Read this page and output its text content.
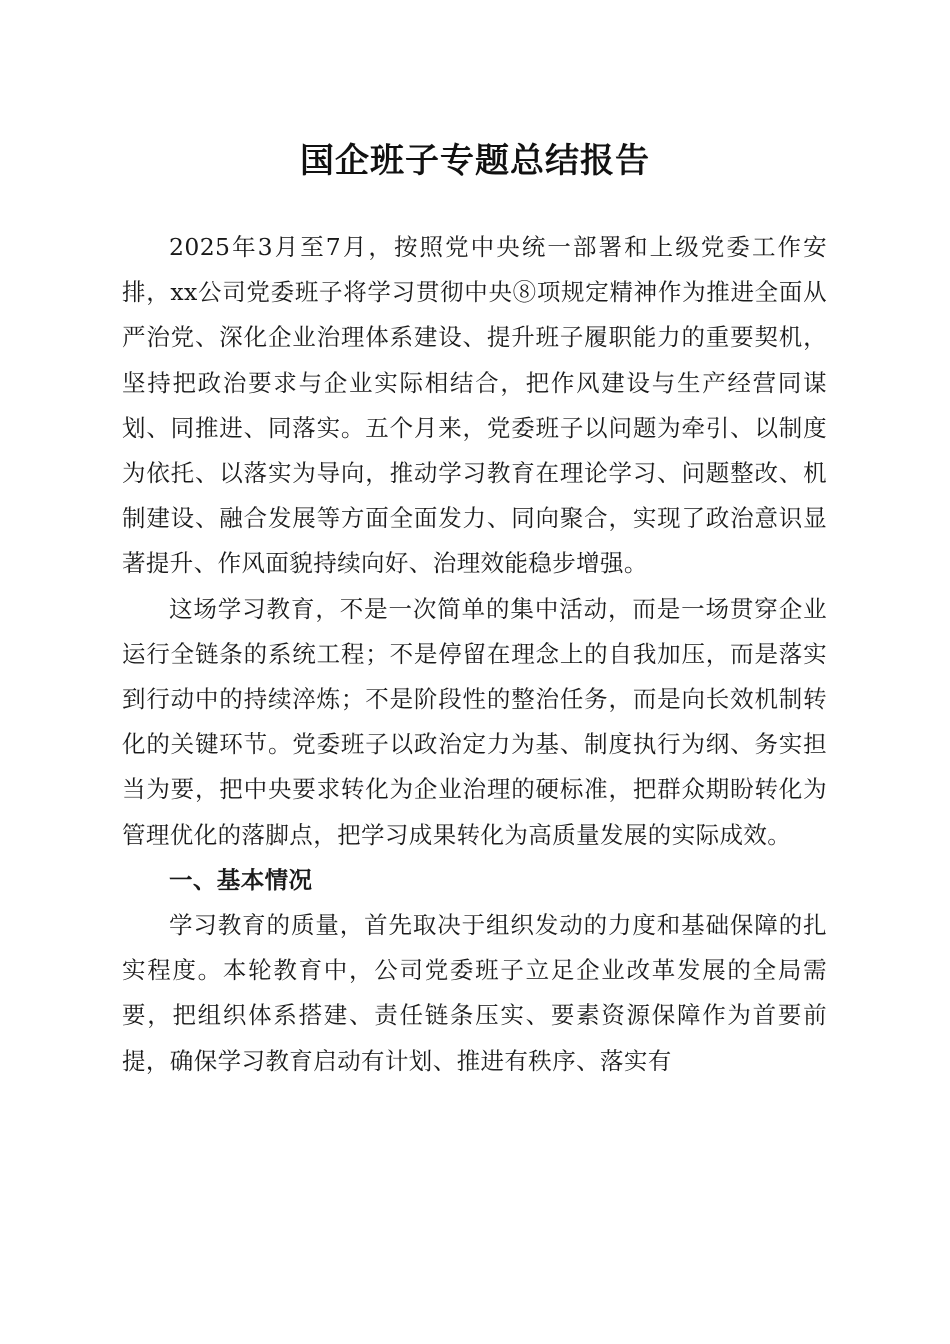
国企班子专题总结报告

2025年3月至7月，按照党中央统一部署和上级党委工作安排，xx公司党委班子将学习贯彻中央⑧项规定精神作为推进全面从严治党、深化企业治理体系建设、提升班子履职能力的重要契机，坚持把政治要求与企业实际相结合，把作风建设与生产经营同谋划、同推进、同落实。五个月来，党委班子以问题为牵引、以制度为依托、以落实为导向，推动学习教育在理论学习、问题整改、机制建设、融合发展等方面全面发力、同向聚合，实现了政治意识显著提升、作风面貌持续向好、治理效能稳步增强。

这场学习教育，不是一次简单的集中活动，而是一场贯穿企业运行全链条的系统工程；不是停留在理念上的自我加压，而是落实到行动中的持续淬炼；不是阶段性的整治任务，而是向长效机制转化的关键环节。党委班子以政治定力为基、制度执行为纲、务实担当为要，把中央要求转化为企业治理的硬标准，把群众期盼转化为管理优化的落脚点，把学习成果转化为高质量发展的实际成效。

一、基本情况

学习教育的质量，首先取决于组织发动的力度和基础保障的扎实程度。本轮教育中，公司党委班子立足企业改革发展的全局需要，把组织体系搭建、责任链条压实、要素资源保障作为首要前提，确保学习教育启动有计划、推进有秩序、落实有
